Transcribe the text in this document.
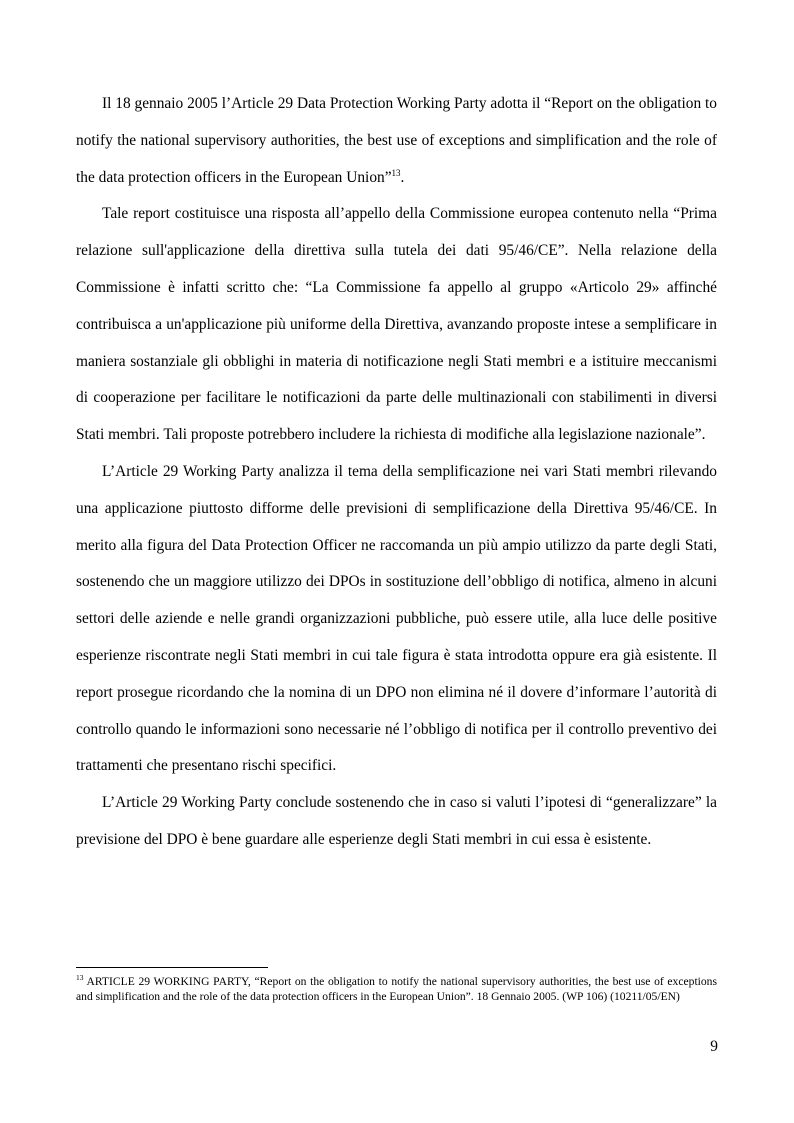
Il 18 gennaio 2005 l’Article 29 Data Protection Working Party adotta il “Report on the obligation to notify the national supervisory authorities, the best use of exceptions and simplification and the role of the data protection officers in the European Union”$^{13}$.

Tale report costituisce una risposta all’appello della Commissione europea contenuto nella “Prima relazione sull'applicazione della direttiva sulla tutela dei dati 95/46/CE”. Nella relazione della Commissione è infatti scritto che: “La Commissione fa appello al gruppo «Articolo 29» affinché contribuisca a un'applicazione più uniforme della Direttiva, avanzando proposte intese a semplificare in maniera sostanziale gli obblighi in materia di notificazione negli Stati membri e a istituire meccanismi di cooperazione per facilitare le notificazioni da parte delle multinazionali con stabilimenti in diversi Stati membri. Tali proposte potrebbero includere la richiesta di modifiche alla legislazione nazionale”.

L’Article 29 Working Party analizza il tema della semplificazione nei vari Stati membri rilevando una applicazione piuttosto difforme delle previsioni di semplificazione della Direttiva 95/46/CE. In merito alla figura del Data Protection Officer ne raccomanda un più ampio utilizzo da parte degli Stati, sostenendo che un maggiore utilizzo dei DPOs in sostituzione dell’obbligo di notifica, almeno in alcuni settori delle aziende e nelle grandi organizzazioni pubbliche, può essere utile, alla luce delle positive esperienze riscontrate negli Stati membri in cui tale figura è stata introdotta oppure era già esistente. Il report prosegue ricordando che la nomina di un DPO non elimina né il dovere d’informare l’autorità di controllo quando le informazioni sono necessarie né l’obbligo di notifica per il controllo preventivo dei trattamenti che presentano rischi specifici.

L’Article 29 Working Party conclude sostenendo che in caso si valuti l’ipotesi di “generalizzare” la previsione del DPO è bene guardare alle esperienze degli Stati membri in cui essa è esistente.

$^{13}$ ARTICLE 29 WORKING PARTY, “Report on the obligation to notify the national supervisory authorities, the best use of exceptions and simplification and the role of the data protection officers in the European Union”. 18 Gennaio 2005. (WP 106) (10211/05/EN)

9
